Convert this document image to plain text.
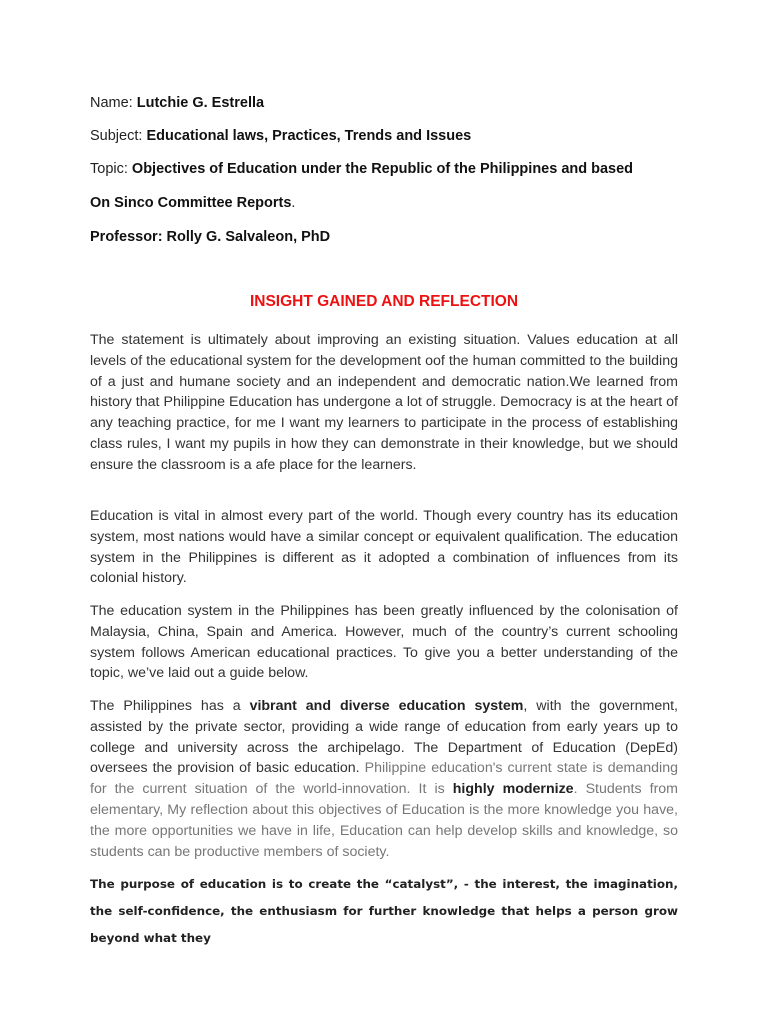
Name: Lutchie G. Estrella
Subject: Educational laws, Practices, Trends and Issues
Topic: Objectives of Education under the Republic of the Philippines and based
On Sinco Committee Reports.
Professor: Rolly G. Salvaleon, PhD
INSIGHT GAINED AND REFLECTION
The statement is ultimately about improving an existing situation. Values education at all levels of the educational system for the development oof the human committed to the building of a just and humane society and an independent and democratic nation.We learned from history that Philippine Education has undergone a lot of struggle. Democracy is at the heart of any teaching practice, for me I want my learners to participate in the process of establishing class rules, I want my pupils in how they can demonstrate in their knowledge, but we should ensure the classroom is a afe place for the learners.
Education is vital in almost every part of the world. Though every country has its education system, most nations would have a similar concept or equivalent qualification. The education system in the Philippines is different as it adopted a combination of influences from its colonial history.
The education system in the Philippines has been greatly influenced by the colonisation of Malaysia, China, Spain and America. However, much of the country’s current schooling system follows American educational practices. To give you a better understanding of the topic, we’ve laid out a guide below.
The Philippines has a vibrant and diverse education system, with the government, assisted by the private sector, providing a wide range of education from early years up to college and university across the archipelago. The Department of Education (DepEd) oversees the provision of basic education. Philippine education's current state is demanding for the current situation of the world-innovation. It is highly modernize. Students from elementary, My reflection about this objectives of Education is the more knowledge you have, the more opportunities we have in life, Education can help develop skills and knowledge, so students can be productive members of society.
The purpose of education is to create the “catalyst”, - the interest, the imagination, the self-confidence, the enthusiasm for further knowledge that helps a person grow beyond what they
